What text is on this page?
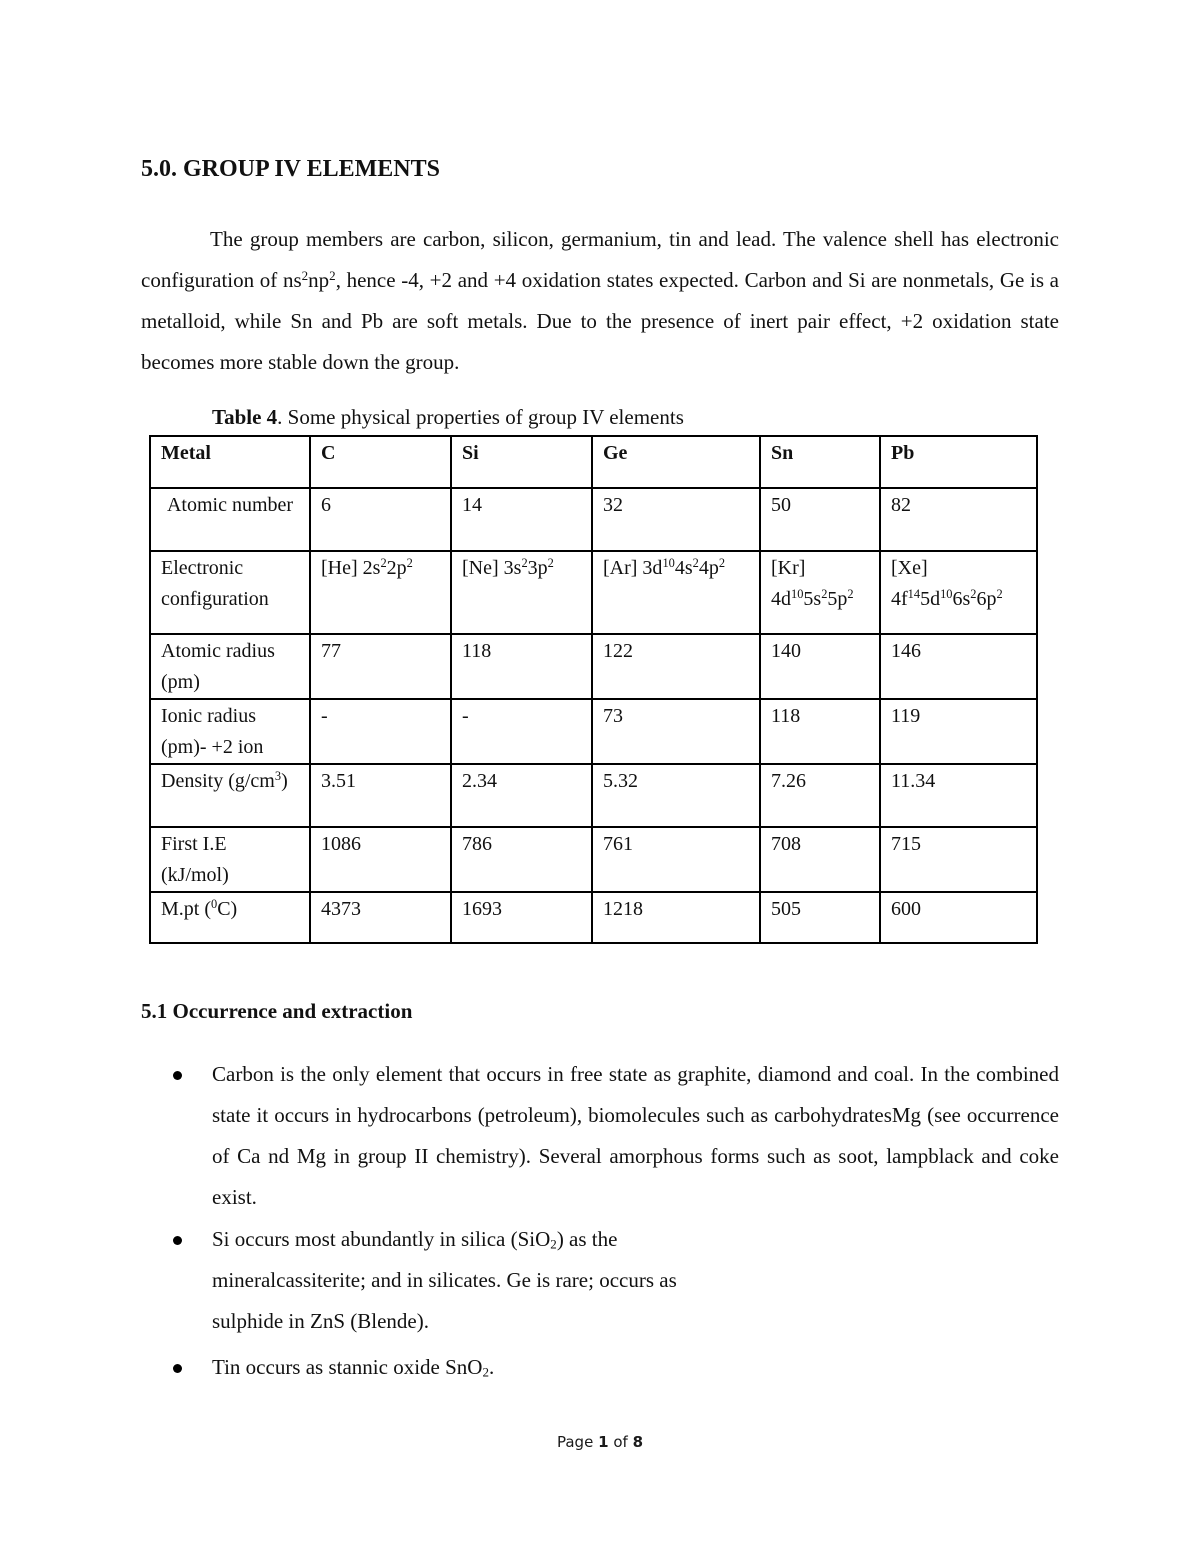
5.0. GROUP IV ELEMENTS

The group members are carbon, silicon, germanium, tin and lead. The valence shell has electronic configuration of $ns^2np^2$, hence -4, +2 and +4 oxidation states expected. Carbon and Si are nonmetals, Ge is a metalloid, while Sn and Pb are soft metals. Due to the presence of inert pair effect, +2 oxidation state becomes more stable down the group.

Table 4. Some physical properties of group IV elements

Metal	C	Si	Ge	Sn	Pb
Atomic number	6	14	32	50	82
Electronic configuration	[He] $2s^22p^2$	[Ne] $3s^23p^2$	[Ar] $3d^{10}4s^24p^2$	[Kr] $4d^{10}5s^25p^2$	[Xe] $4f^{14}5d^{10}6s^26p^2$
Atomic radius (pm)	77	118	122	140	146
Ionic radius (pm)- +2 ion	-	-	73	118	119
Density $(g/cm^3)$	3.51	2.34	5.32	7.26	11.34
First I.E (kJ/mol)	1086	786	761	708	715
M.pt ($^0$C)	4373	1693	1218	505	600
5.1 Occurrence and extraction
Carbon is the only element that occurs in free state as graphite, diamond and coal. In the combined state it occurs in hydrocarbons (petroleum), biomolecules such as carbohydratesMg (see occurrence of Ca nd Mg in group II chemistry). Several amorphous forms such as soot, lampblack and coke exist.
Si occurs most abundantly in silica (SiO$_2$) as the
mineralcassiterite; and in silicates. Ge is rare; occurs as
sulphide in ZnS (Blende).
Tin occurs as stannic oxide SnO$_2$.
Page 1 of 8
